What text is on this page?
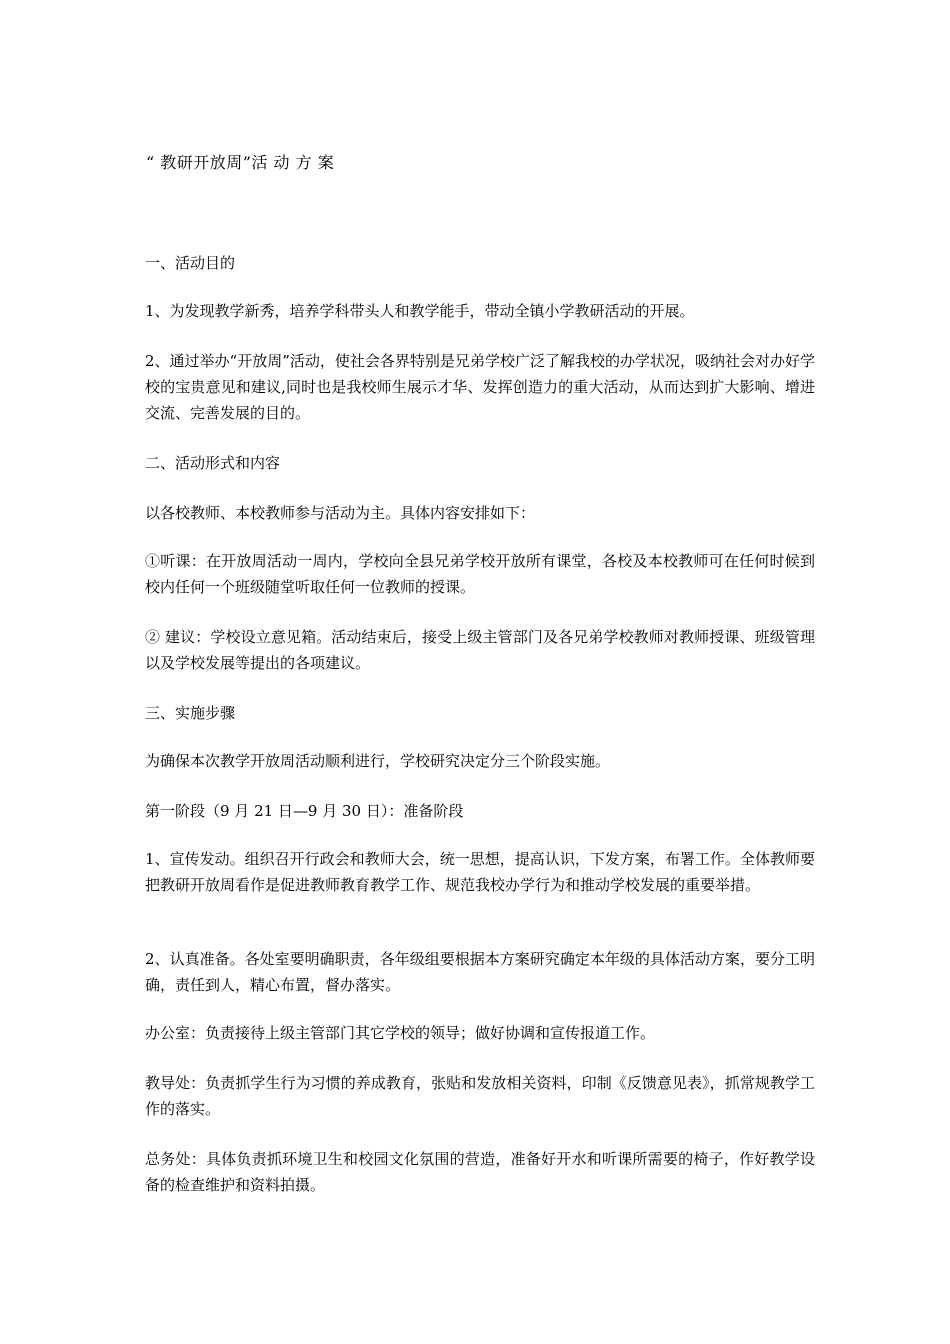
“ 教研开放周”活 动 方 案
一、活动目的
1、为发现教学新秀，培养学科带头人和教学能手，带动全镇小学教研活动的开展。
2、通过举办“开放周”活动，使社会各界特别是兄弟学校广泛了解我校的办学状况，吸纳社会对办好学校的宝贵意见和建议,同时也是我校师生展示才华、发挥创造力的重大活动，从而达到扩大影响、增进交流、完善发展的目的。
二、活动形式和内容
以各校教师、本校教师参与活动为主。具体内容安排如下：
①听课：在开放周活动一周内，学校向全县兄弟学校开放所有课堂，各校及本校教师可在任何时候到校内任何一个班级随堂听取任何一位教师的授课。
② 建议：学校设立意见箱。活动结束后，接受上级主管部门及各兄弟学校教师对教师授课、班级管理以及学校发展等提出的各项建议。
三、实施步骤
为确保本次教学开放周活动顺利进行，学校研究决定分三个阶段实施。
第一阶段（9 月 21 日—9 月 30 日）：准备阶段
1、宣传发动。组织召开行政会和教师大会，统一思想，提高认识，下发方案，布署工作。全体教师要把教研开放周看作是促进教师教育教学工作、规范我校办学行为和推动学校发展的重要举措。
2、认真准备。各处室要明确职责，各年级组要根据本方案研究确定本年级的具体活动方案，要分工明确，责任到人，精心布置，督办落实。
办公室：负责接待上级主管部门其它学校的领导；做好协调和宣传报道工作。
教导处：负责抓学生行为习惯的养成教育，张贴和发放相关资料，印制《反馈意见表》，抓常规教学工作的落实。
总务处：具体负责抓环境卫生和校园文化氛围的营造，准备好开水和听课所需要的椅子，作好教学设备的检查维护和资料拍摄。
